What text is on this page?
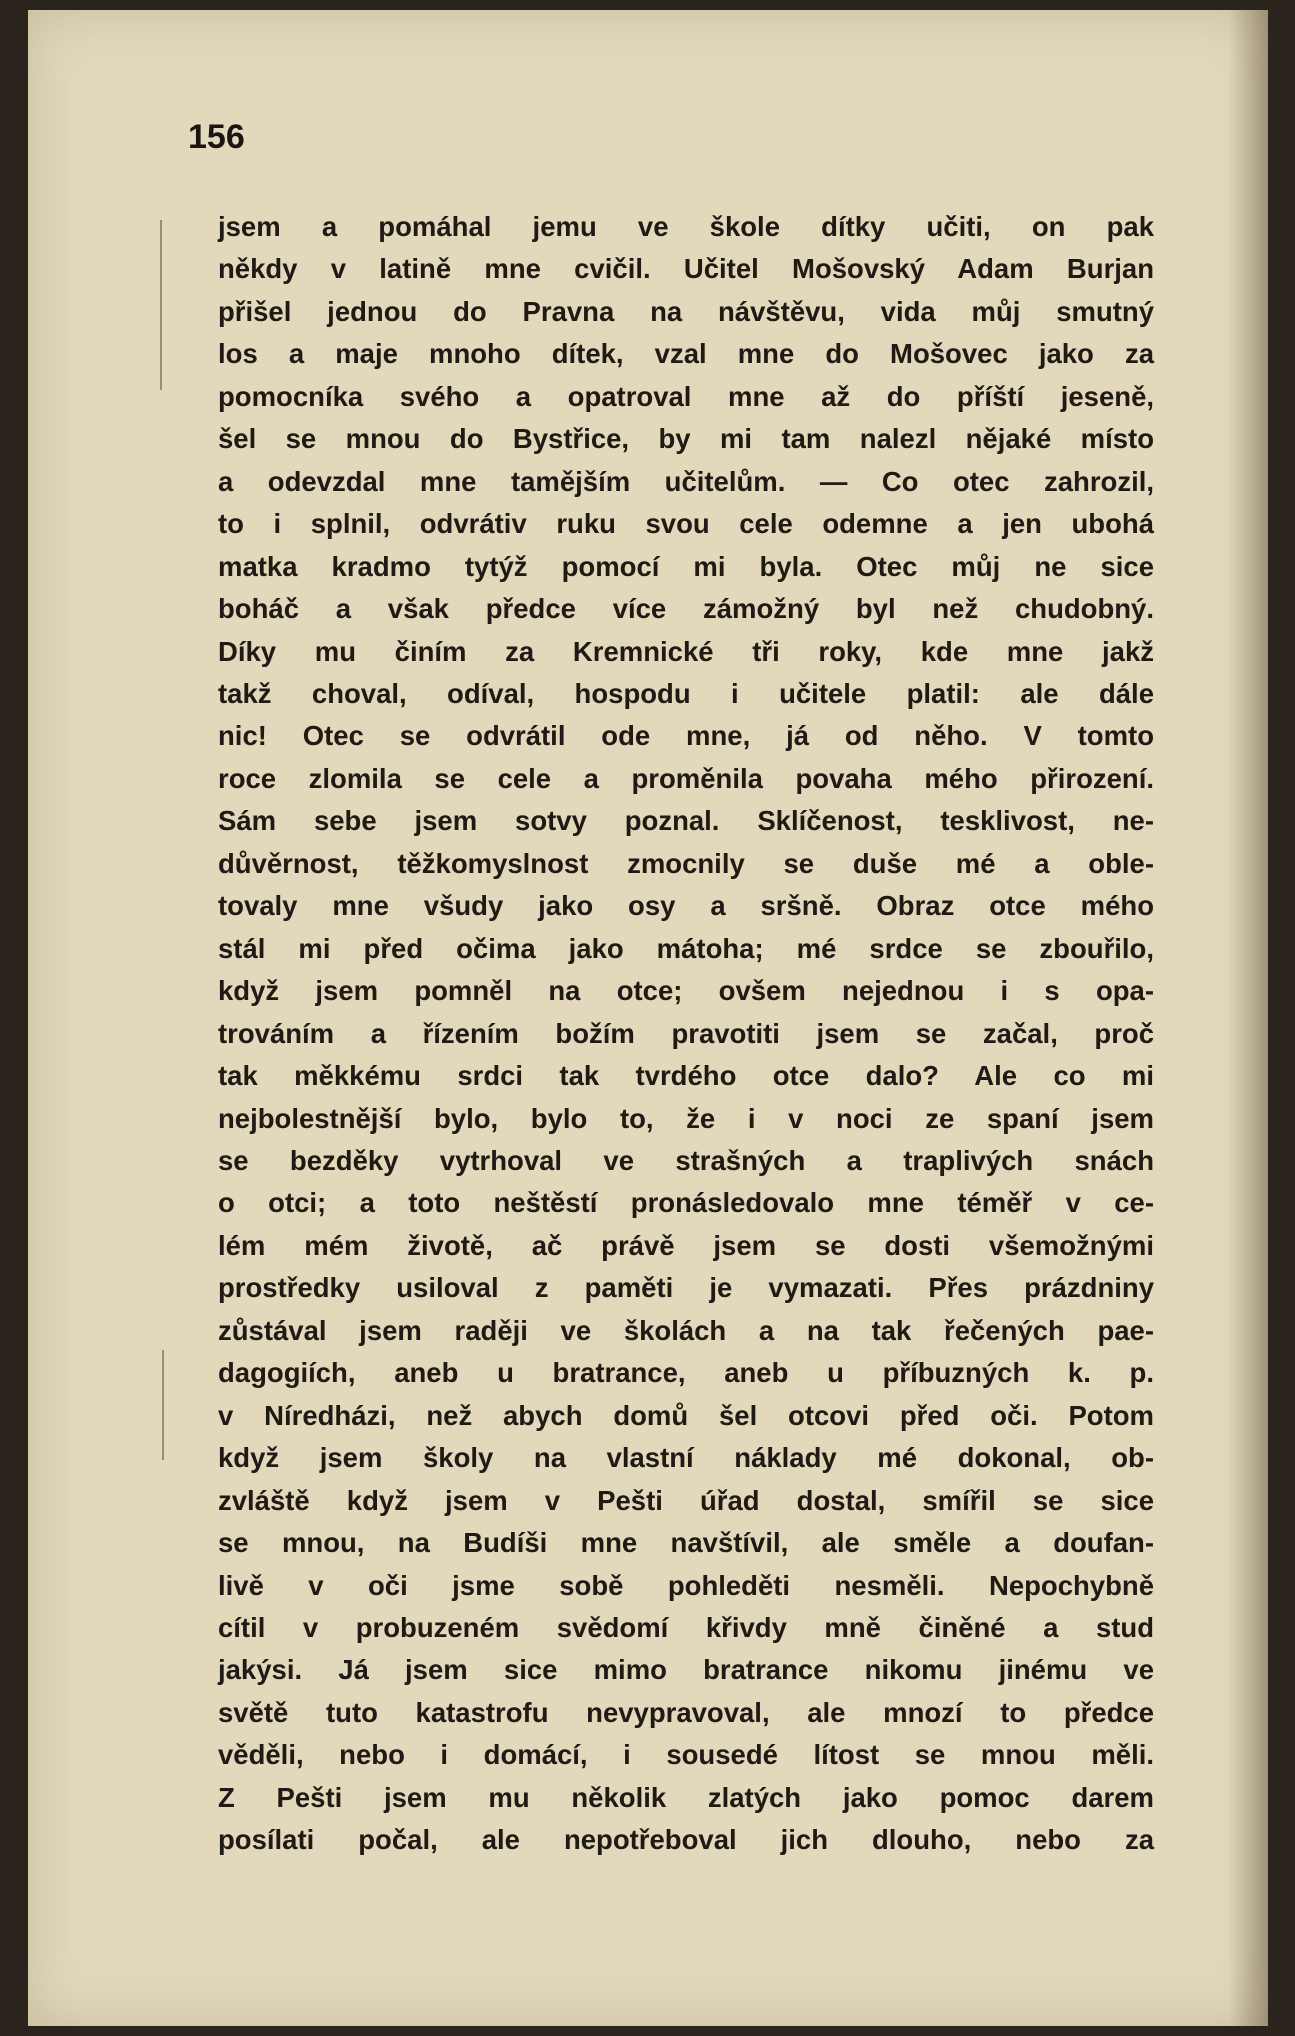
156
jsem a pomáhal jemu ve škole dítky učiti, on pak
někdy v latině mne cvičil. Učitel Mošovský Adam Burjan
přišel jednou do Pravna na návštěvu, vida můj smutný
los a maje mnoho dítek, vzal mne do Mošovec jako za
pomocníka svého a opatroval mne až do příští jeseně,
šel se mnou do Bystřice, by mi tam nalezl nějaké místo
a odevzdal mne tamějším učitelům. — Co otec zahrozil,
to i splnil, odvrátiv ruku svou cele odemne a jen ubohá
matka kradmo tytýž pomocí mi byla. Otec můj ne sice
boháč a však předce více zámožný byl než chudobný.
Díky mu činím za Kremnické tři roky, kde mne jakž
takž choval, odíval, hospodu i učitele platil: ale dále
nic! Otec se odvrátil ode mne, já od něho. V tomto
roce zlomila se cele a proměnila povaha mého přirození.
Sám sebe jsem sotvy poznal. Sklíčenost, tesklivost, ne-
důvěrnost, těžkomyslnost zmocnily se duše mé a oble-
tovaly mne všudy jako osy a sršně. Obraz otce mého
stál mi před očima jako mátoha; mé srdce se zbouřilo,
když jsem pomněl na otce; ovšem nejednou i s opa-
trováním a řízením božím pravotiti jsem se začal, proč
tak měkkému srdci tak tvrdého otce dalo? Ale co mi
nejbolestnější bylo, bylo to, že i v noci ze spaní jsem
se bezděky vytrhoval ve strašných a traplivých snách
o otci; a toto neštěstí pronásledovalo mne téměř v ce-
lém mém životě, ač právě jsem se dosti všemožnými
prostředky usiloval z paměti je vymazati. Přes prázdniny
zůstával jsem raději ve školách a na tak řečených pae-
dagogiích, aneb u bratrance, aneb u příbuzných k. p.
v Níredházi, než abych domů šel otcovi před oči. Potom
když jsem školy na vlastní náklady mé dokonal, ob-
zvláště když jsem v Pešti úřad dostal, smířil se sice
se mnou, na Budíši mne navštívil, ale směle a doufan-
livě v oči jsme sobě pohleděti nesměli. Nepochybně
cítil v probuzeném svědomí křivdy mně činěné a stud
jakýsi. Já jsem sice mimo bratrance nikomu jinému ve
světě tuto katastrofu nevypravoval, ale mnozí to předce
věděli, nebo i domácí, i sousedé lítost se mnou měli.
Z Pešti jsem mu několik zlatých jako pomoc darem
posílati počal, ale nepotřeboval jich dlouho, nebo za
